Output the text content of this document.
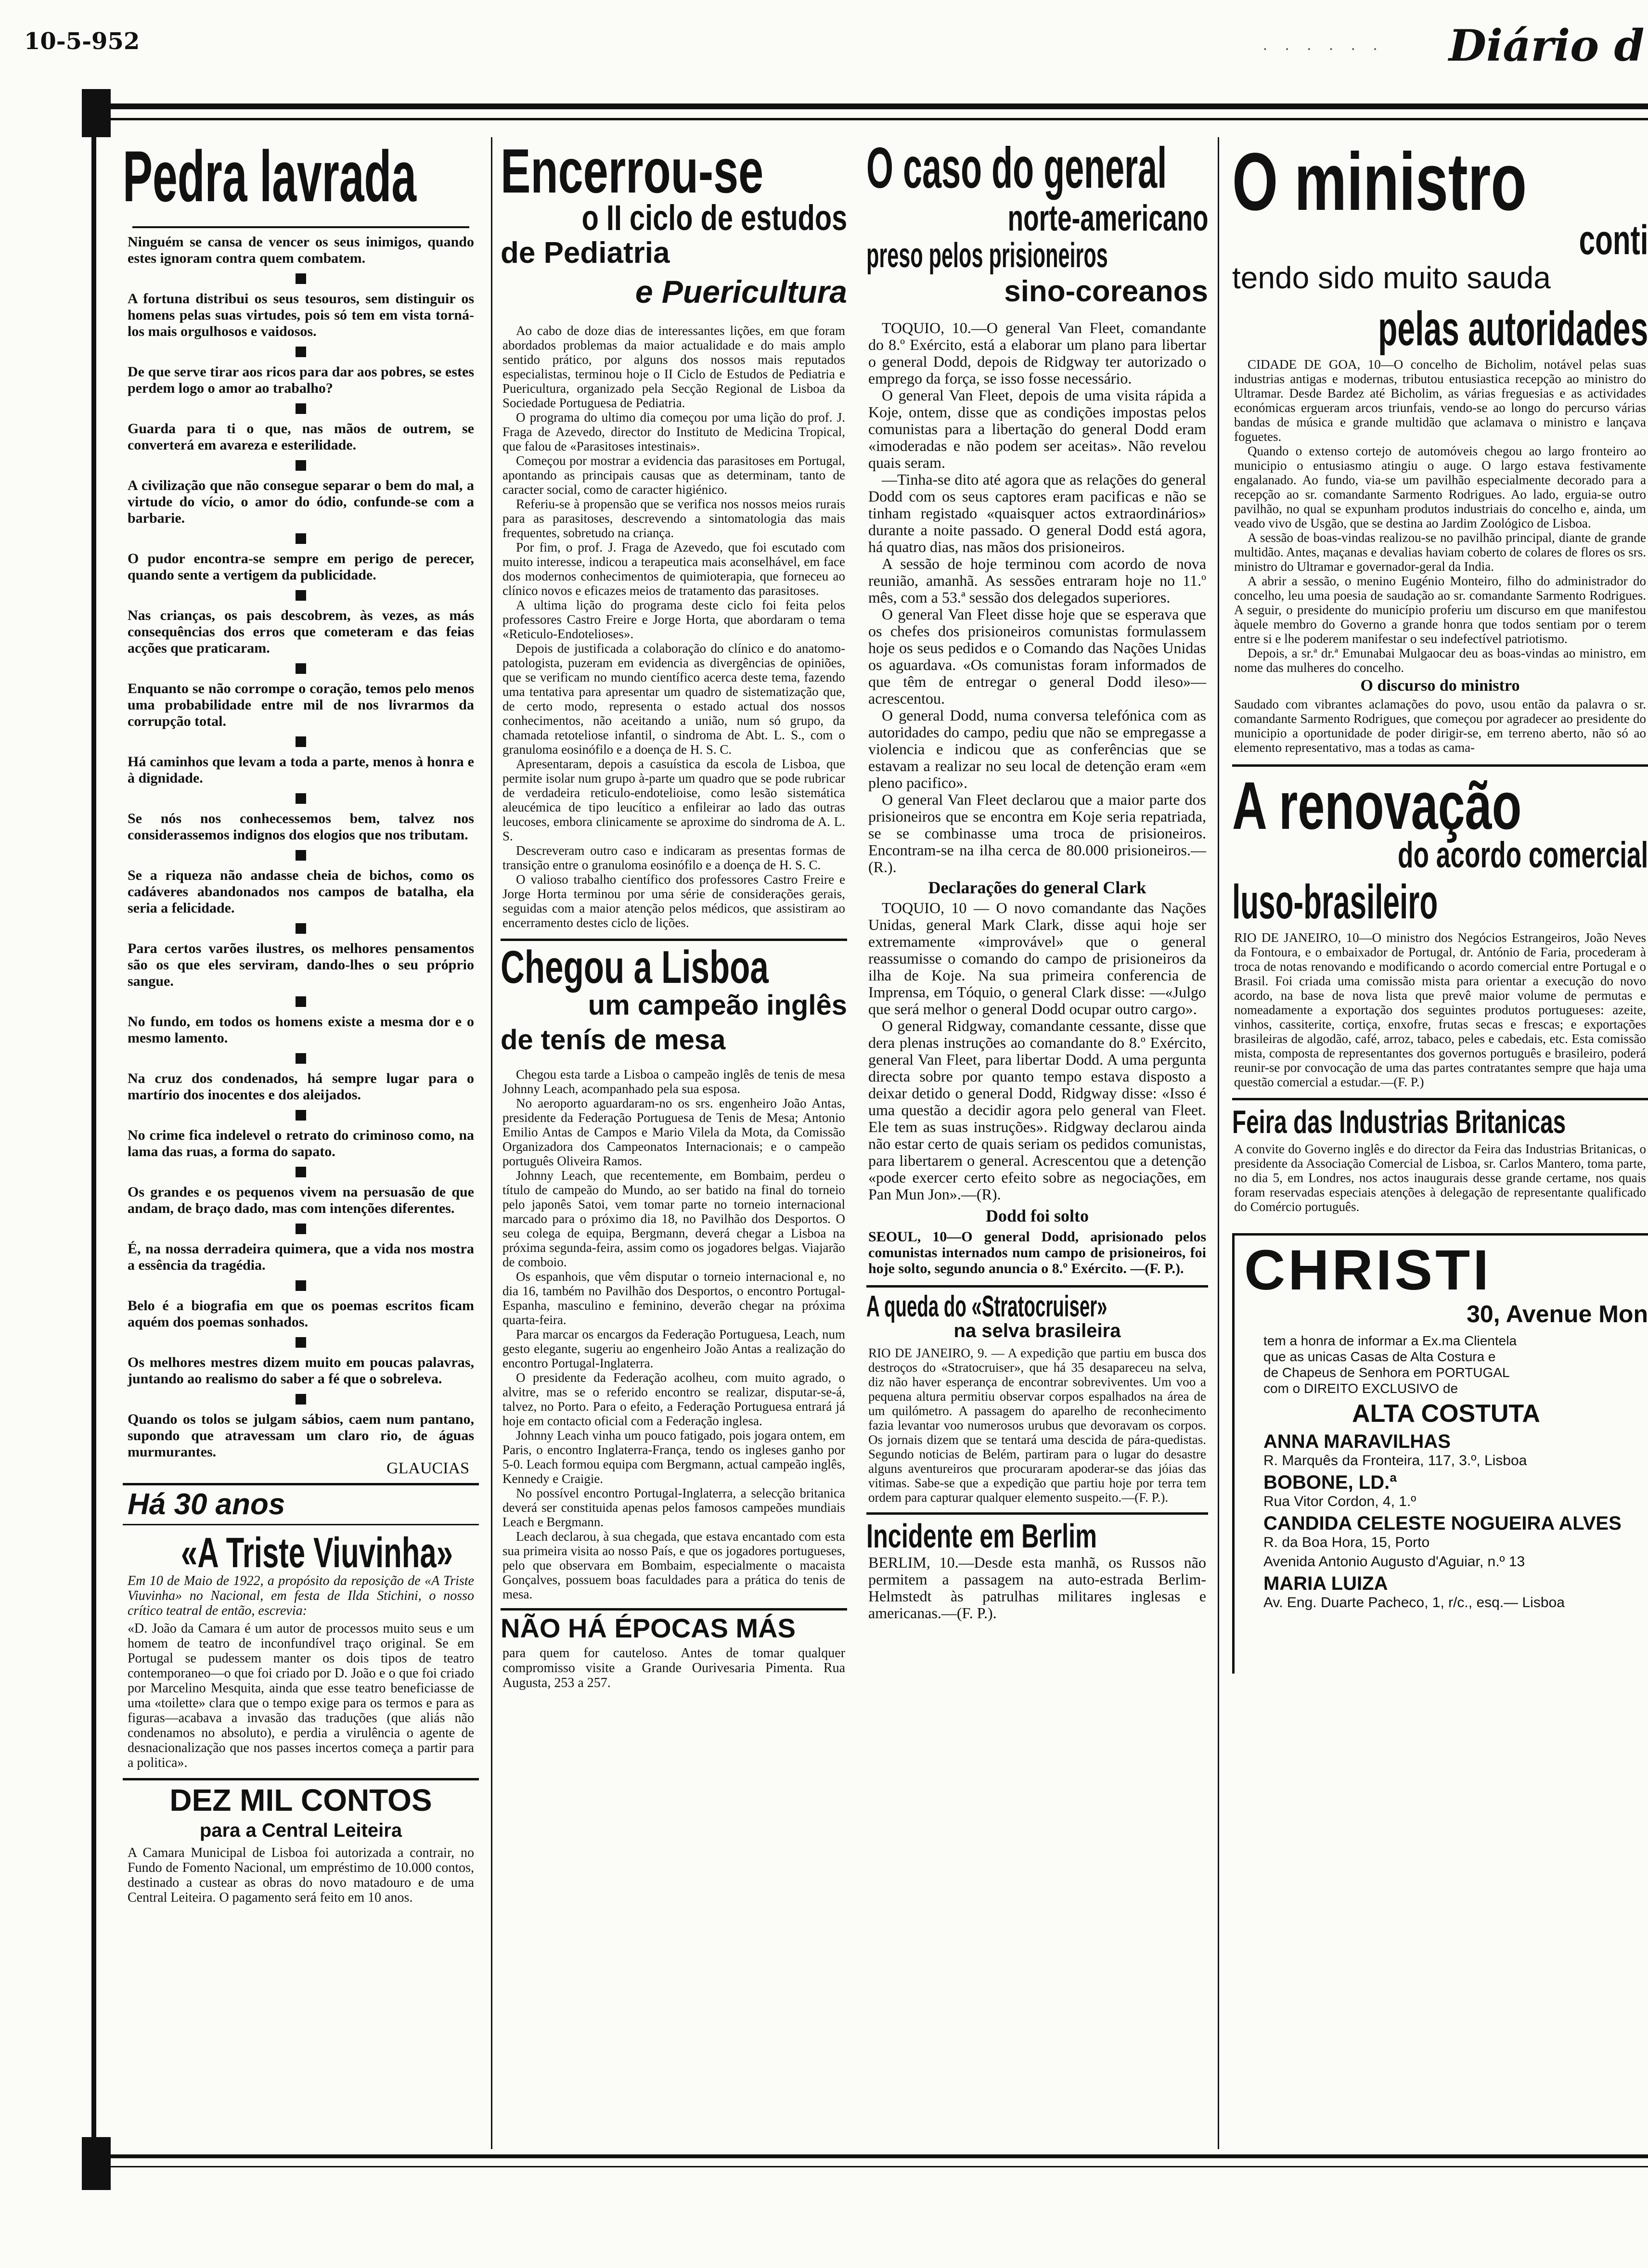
10-5-952	. . . . . . Diário d
Pedra lavrada

Ninguém se cansa de vencer os seus inimigos, quando estes ignoram contra quem combatem.

A fortuna distribui os seus tesouros, sem distinguir os homens pelas suas virtudes, pois só tem em vista torná-los mais orgulhosos e vaidosos.

De que serve tirar aos ricos para dar aos pobres, se estes perdem logo o amor ao trabalho?

Guarda para ti o que, nas mãos de outrem, se converterá em avareza e esterilidade.

A civilização que não consegue separar o bem do mal, a virtude do vício, o amor do ódio, confunde-se com a barbarie.

O pudor encontra-se sempre em perigo de perecer, quando sente a vertigem da publicidade.

Nas crianças, os pais descobrem, às vezes, as más consequências dos erros que cometeram e das feias acções que praticaram.

Enquanto se não corrompe o coração, temos pelo menos uma probabilidade entre mil de nos livrarmos da corrupção total.

Há caminhos que levam a toda a parte, menos à honra e à dignidade.

Se nós nos conhecessemos bem, talvez nos considerassemos indignos dos elogios que nos tributam.

Se a riqueza não andasse cheia de bichos, como os cadáveres abandonados nos campos de batalha, ela seria a felicidade.

Para certos varões ilustres, os melhores pensamentos são os que eles serviram, dando-lhes o seu próprio sangue.

No fundo, em todos os homens existe a mesma dor e o mesmo lamento.

Na cruz dos condenados, há sempre lugar para o martírio dos inocentes e dos aleijados.

No crime fica indelevel o retrato do criminoso como, na lama das ruas, a forma do sapato.

Os grandes e os pequenos vivem na persuasão de que andam, de braço dado, mas com intenções diferentes.

É, na nossa derradeira quimera, que a vida nos mostra a essência da tragédia.

Belo é a biografia em que os poemas escritos ficam aquém dos poemas sonhados.

Os melhores mestres dizem muito em poucas palavras, juntando ao realismo do saber a fé que o sobreleva.

Quando os tolos se julgam sábios, caem num pantano, supondo que atravessam um claro rio, de águas murmurantes.

GLAUCIAS
Há 30 anos
«A Triste Viuvinha»

Em 10 de Maio de 1922, a propósito da reposição de «A Triste Viuvinha» no Nacional, em festa de Ilda Stichini, o nosso crítico teatral de então, escrevia:

«D. João da Camara é um autor de processos muito seus e um homem de teatro de inconfundível traço original. Se em Portugal se pudessem manter os dois tipos de teatro contemporaneo—o que foi criado por D. João e o que foi criado por Marcelino Mesquita, ainda que esse teatro beneficiasse de uma «toilette» clara que o tempo exige para os termos e para as figuras—acabava a invasão das traduções (que aliás não condenamos no absoluto), e perdia a virulência o agente de desnacionalização que nos passes incertos começa a partir para a politica».

DEZ MIL CONTOS
para a Central Leiteira

A Camara Municipal de Lisboa foi autorizada a contrair, no Fundo de Fomento Nacional, um empréstimo de 10.000 contos, destinado a custear as obras do novo matadouro e de uma Central Leiteira. O pagamento será feito em 10 anos.

Encerrou-se
o II ciclo de estudos
de Pediatria
e Puericultura

Ao cabo de doze dias de interessantes lições, em que foram abordados problemas da maior actualidade e do mais amplo sentido prático, por alguns dos nossos mais reputados especialistas, terminou hoje o II Ciclo de Estudos de Pediatria e Puericultura, organizado pela Secção Regional de Lisboa da Sociedade Portuguesa de Pediatria.

O programa do ultimo dia começou por uma lição do prof. J. Fraga de Azevedo, director do Instituto de Medicina Tropical, que falou de «Parasitoses intestinais».

Começou por mostrar a evidencia das parasitoses em Portugal, apontando as principais causas que as determinam, tanto de caracter social, como de caracter higiénico.

Referiu-se à propensão que se verifica nos nossos meios rurais para as parasitoses, descrevendo a sintomatologia das mais frequentes, sobretudo na criança.

Por fim, o prof. J. Fraga de Azevedo, que foi escutado com muito interesse, indicou a terapeutica mais aconselhável, em face dos modernos conhecimentos de quimioterapia, que forneceu ao clínico novos e eficazes meios de tratamento das parasitoses.

A ultima lição do programa deste ciclo foi feita pelos professores Castro Freire e Jorge Horta, que abordaram o tema «Reticulo-Endotelioses».

Depois de justificada a colaboração do clínico e do anatomo-patologista, puzeram em evidencia as divergências de opiniões, que se verificam no mundo científico acerca deste tema, fazendo uma tentativa para apresentar um quadro de sistematização que, de certo modo, representa o estado actual dos nossos conhecimentos, não aceitando a união, num só grupo, da chamada retoteliose infantil, o sindroma de Abt. L. S., com o granuloma eosinófilo e a doença de H. S. C.

Apresentaram, depois a casuística da escola de Lisboa, que permite isolar num grupo à-parte um quadro que se pode rubricar de verdadeira reticulo-endotelioise, como lesão sistemática aleucémica de tipo leucítico a enfileirar ao lado das outras leucoses, embora clinicamente se aproxime do sindroma de A. L. S.

Descreveram outro caso e indicaram as presentas formas de transição entre o granuloma eosinófilo e a doença de H. S. C.

O valioso trabalho científico dos professores Castro Freire e Jorge Horta terminou por uma série de considerações gerais, seguidas com a maior atenção pelos médicos, que assistiram ao encerramento destes ciclo de lições.

Chegou a Lisboa
um campeão inglês
de tenís de mesa

Chegou esta tarde a Lisboa o campeão inglês de tenis de mesa Johnny Leach, acompanhado pela sua esposa.

No aeroporto aguardaram-no os srs. engenheiro João Antas, presidente da Federação Portuguesa de Tenis de Mesa; Antonio Emilio Antas de Campos e Mario Vilela da Mota, da Comissão Organizadora dos Campeonatos Internacionais; e o campeão português Oliveira Ramos.

Johnny Leach, que recentemente, em Bombaim, perdeu o título de campeão do Mundo, ao ser batido na final do torneio pelo japonês Satoi, vem tomar parte no torneio internacional marcado para o próximo dia 18, no Pavilhão dos Desportos. O seu colega de equipa, Bergmann, deverá chegar a Lisboa na próxima segunda-feira, assim como os jogadores belgas. Viajarão de comboio.

Os espanhois, que vêm disputar o torneio internacional e, no dia 16, também no Pavilhão dos Desportos, o encontro Portugal-Espanha, masculino e feminino, deverão chegar na próxima quarta-feira.

Para marcar os encargos da Federação Portuguesa, Leach, num gesto elegante, sugeriu ao engenheiro João Antas a realização do encontro Portugal-Inglaterra.

O presidente da Federação acolheu, com muito agrado, o alvitre, mas se o referido encontro se realizar, disputar-se-á, talvez, no Porto. Para o efeito, a Federação Portuguesa entrará já hoje em contacto oficial com a Federação inglesa.

Johnny Leach vinha um pouco fatigado, pois jogara ontem, em Paris, o encontro Inglaterra-França, tendo os ingleses ganho por 5-0. Leach formou equipa com Bergmann, actual campeão inglês, Kennedy e Craigie.

No possível encontro Portugal-Inglaterra, a selecção britanica deverá ser constituida apenas pelos famosos campeões mundiais Leach e Bergmann.

Leach declarou, à sua chegada, que estava encantado com esta sua primeira visita ao nosso País, e que os jogadores portugueses, pelo que observara em Bombaim, especialmente o macaista Gonçalves, possuem boas faculdades para a prática do tenis de mesa.

NÃO HÁ ÉPOCAS MÁS

para quem for cauteloso. Antes de tomar qualquer compromisso visite a Grande Ourivesaria Pimenta. Rua Augusta, 253 a 257.

O caso do general
norte-americano
preso pelos prisioneiros
sino-coreanos

TOQUIO, 10.—O general Van Fleet, comandante do 8.º Exército, está a elaborar um plano para libertar o general Dodd, depois de Ridgway ter autorizado o emprego da força, se isso fosse necessário.

O general Van Fleet, depois de uma visita rápida a Koje, ontem, disse que as condições impostas pelos comunistas para a libertação do general Dodd eram «imoderadas e não podem ser aceitas». Não revelou quais seram.

—Tinha-se dito até agora que as relações do general Dodd com os seus captores eram pacificas e não se tinham registado «quaisquer actos extraordinários» durante a noite passado. O general Dodd está agora, há quatro dias, nas mãos dos prisioneiros.

A sessão de hoje terminou com acordo de nova reunião, amanhã. As sessões entraram hoje no 11.º mês, com a 53.ª sessão dos delegados superiores.

O general Van Fleet disse hoje que se esperava que os chefes dos prisioneiros comunistas formulassem hoje os seus pedidos e o Comando das Nações Unidas os aguardava. «Os comunistas foram informados de que têm de entregar o general Dodd ileso»—acrescentou.

O general Dodd, numa conversa telefónica com as autoridades do campo, pediu que não se empregasse a violencia e indicou que as conferências que se estavam a realizar no seu local de detenção eram «em pleno pacifico».

O general Van Fleet declarou que a maior parte dos prisioneiros que se encontra em Koje seria repatriada, se se combinasse uma troca de prisioneiros. Encontram-se na ilha cerca de 80.000 prisioneiros.—(R.).

Declarações do general Clark

TOQUIO, 10 — O novo comandante das Nações Unidas, general Mark Clark, disse aqui hoje ser extremamente «improvável» que o general reassumisse o comando do campo de prisioneiros da ilha de Koje. Na sua primeira conferencia de Imprensa, em Tóquio, o general Clark disse: —«Julgo que será melhor o general Dodd ocupar outro cargo».

O general Ridgway, comandante cessante, disse que dera plenas instruções ao comandante do 8.º Exército, general Van Fleet, para libertar Dodd. A uma pergunta directa sobre por quanto tempo estava disposto a deixar detido o general Dodd, Ridgway disse: «Isso é uma questão a decidir agora pelo general van Fleet. Ele tem as suas instruções». Ridgway declarou ainda não estar certo de quais seriam os pedidos comunistas, para libertarem o general. Acrescentou que a detenção «pode exercer certo efeito sobre as negociações, em Pan Mun Jon».—(R).

Dodd foi solto

SEOUL, 10—O general Dodd, aprisionado pelos comunistas internados num campo de prisioneiros, foi hoje solto, segundo anuncia o 8.º Exército. —(F. P.).

A queda do «Stratocruiser»
na selva brasileira

RIO DE JANEIRO, 9. — A expedição que partiu em busca dos destroços do «Stratocruiser», que há 35 desapareceu na selva, diz não haver esperança de encontrar sobreviventes. Um voo a pequena altura permitiu observar corpos espalhados na área de um quilómetro. A passagem do aparelho de reconhecimento fazia levantar voo numerosos urubus que devoravam os corpos. Os jornais dizem que se tentará uma descida de pára-quedistas. Segundo noticias de Belém, partiram para o lugar do desastre alguns aventureiros que procuraram apoderar-se das jóias das vitimas. Sabe-se que a expedição que partiu hoje por terra tem ordem para capturar qualquer elemento suspeito.—(F. P.).

Incidente em Berlim

BERLIM, 10.—Desde esta manhã, os Russos não permitem a passagem na auto-estrada Berlim-Helmstedt às patrulhas militares inglesas e americanas.—(F. P.).

O ministro
conti
tendo sido muito sauda
pelas autoridades

CIDADE DE GOA, 10—O concelho de Bicholim, notável pelas suas industrias antigas e modernas, tributou entusiastica recepção ao ministro do Ultramar. Desde Bardez até Bicholim, as várias freguesias e as actividades económicas ergueram arcos triunfais, vendo-se ao longo do percurso várias bandas de música e grande multidão que aclamava o ministro e lançava foguetes.

Quando o extenso cortejo de automóveis chegou ao largo fronteiro ao municipio o entusiasmo atingiu o auge. O largo estava festivamente engalanado. Ao fundo, via-se um pavilhão especialmente decorado para a recepção ao sr. comandante Sarmento Rodrigues. Ao lado, erguia-se outro pavilhão, no qual se expunham produtos industriais do concelho e, ainda, um veado vivo de Usgão, que se destina ao Jardim Zoológico de Lisboa.

A sessão de boas-vindas realizou-se no pavilhão principal, diante de grande multidão. Antes, maçanas e devalias haviam coberto de colares de flores os srs. ministro do Ultramar e governador-geral da India.

A abrir a sessão, o menino Eugénio Monteiro, filho do administrador do concelho, leu uma poesia de saudação ao sr. comandante Sarmento Rodrigues. A seguir, o presidente do município proferiu um discurso em que manifestou àquele membro do Governo a grande honra que todos sentiam por o terem entre si e lhe poderem manifestar o seu indefectível patriotismo.

Depois, a sr.ª dr.ª Emunabai Mulgaocar deu as boas-vindas ao ministro, em nome das mulheres do concelho.

O discurso do ministro

Saudado com vibrantes aclamações do povo, usou então da palavra o sr. comandante Sarmento Rodrigues, que começou por agradecer ao presidente do municipio a oportunidade de poder dirigir-se, em terreno aberto, não só ao elemento representativo, mas a todas as cama-

A renovação
do acordo comercial
luso-brasileiro

RIO DE JANEIRO, 10—O ministro dos Negócios Estrangeiros, João Neves da Fontoura, e o embaixador de Portugal, dr. António de Faria, procederam à troca de notas renovando e modificando o acordo comercial entre Portugal e o Brasil. Foi criada uma comissão mista para orientar a execução do novo acordo, na base de nova lista que prevê maior volume de permutas e nomeadamente a exportação dos seguintes produtos portugueses: azeite, vinhos, cassiterite, cortiça, enxofre, frutas secas e frescas; e exportações brasileiras de algodão, café, arroz, tabaco, peles e cabedais, etc. Esta comissão mista, composta de representantes dos governos português e brasileiro, poderá reunir-se por convocação de uma das partes contratantes sempre que haja uma questão comercial a estudar.—(F. P.)

Feira das Industrias Britanicas

A convite do Governo inglês e do director da Feira das Industrias Britanicas, o presidente da Associação Comercial de Lisboa, sr. Carlos Mantero, toma parte, no dia 5, em Londres, nos actos inaugurais desse grande certame, nos quais foram reservadas especiais atenções à delegação de representante qualificado do Comércio português.

CHRISTI
30, Avenue Mon
tem a honra de informar a Ex.ma Clientela
que as unicas Casas de Alta Costura e
de Chapeus de Senhora em PORTUGAL
com o DIREITO EXCLUSIVO de
ALTA COSTUTA
ANNA MARAVILHAS
R. Marquês da Fronteira, 117, 3.º, Lisboa
BOBONE, LD.ª
Rua Vitor Cordon, 4, 1.º
CANDIDA CELESTE NOGUEIRA ALVES
R. da Boa Hora, 15, Porto
Avenida Antonio Augusto d'Aguiar, n.º 13
MARIA LUIZA
Av. Eng. Duarte Pacheco, 1, r/c., esq.— Lisboa
